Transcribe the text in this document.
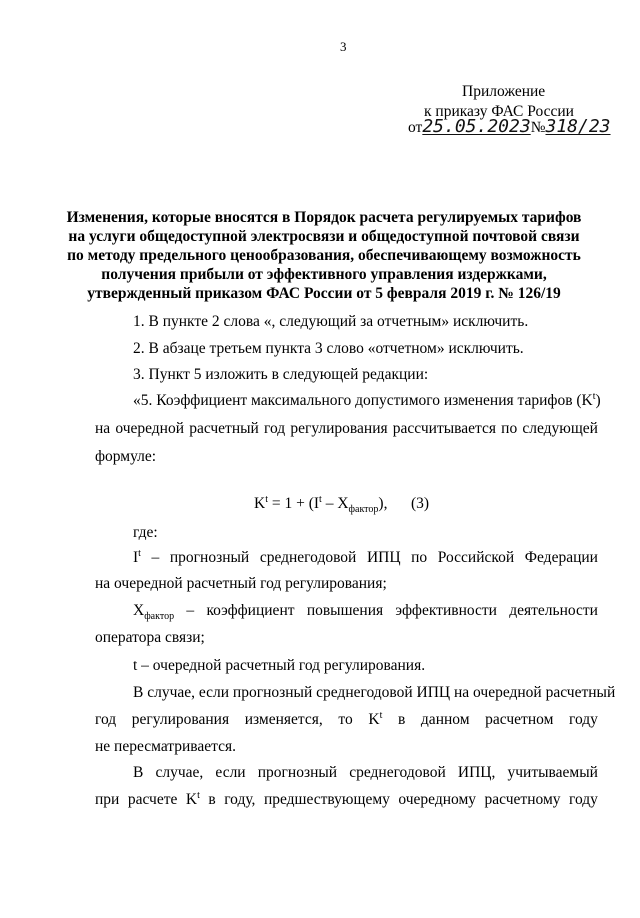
3
Приложение
к приказу ФАС России
от25.05.2023№318/23
Изменения, которые вносятся в Порядок расчета регулируемых тарифов
на услуги общедоступной электросвязи и общедоступной почтовой связи
по методу предельного ценообразования, обеспечивающему возможность
получения прибыли от эффективного управления издержками,
утвержденный приказом ФАС России от 5 февраля 2019 г. № 126/19
1. В пункте 2 слова «, следующий за отчетным» исключить.
2. В абзаце третьем пункта 3 слово «отчетном» исключить.
3. Пункт 5 изложить в следующей редакции:
«5. Коэффициент максимального допустимого изменения тарифов $(K^t)$
на очередной расчетный год регулирования рассчитывается по следующей
формуле:
$K^t = 1 + (I^t - X_{фактор})$, (3)
где:
$I^t$ – прогнозный среднегодовой ИПЦ по Российской Федерации
на очередной расчетный год регулирования;
$X_{фактор}$ – коэффициент повышения эффективности деятельности
оператора связи;
t – очередной расчетный год регулирования.
В случае, если прогнозный среднегодовой ИПЦ на очередной расчетный
год регулирования изменяется, то $K^t$ в данном расчетном году
не пересматривается.
В случае, если прогнозный среднегодовой ИПЦ, учитываемый
при расчете $K^t$ в году, предшествующему очередному расчетному году
